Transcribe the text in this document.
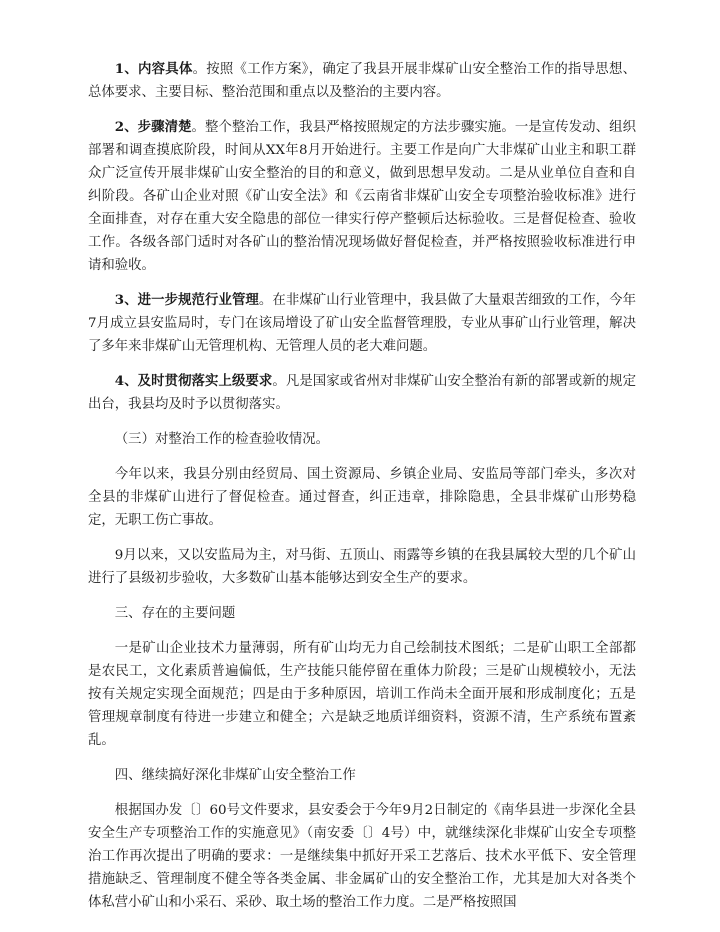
1、内容具体。按照《工作方案》，确定了我县开展非煤矿山安全整治工作的指导思想、总体要求、主要目标、整治范围和重点以及整治的主要内容。

2、步骤清楚。整个整治工作，我县严格按照规定的方法步骤实施。一是宣传发动、组织部署和调查摸底阶段，时间从XX年8月开始进行。主要工作是向广大非煤矿山业主和职工群众广泛宣传开展非煤矿山安全整治的目的和意义，做到思想早发动。二是从业单位自查和自纠阶段。各矿山企业对照《矿山安全法》和《云南省非煤矿山安全专项整治验收标准》进行全面排查，对存在重大安全隐患的部位一律实行停产整顿后达标验收。三是督促检查、验收工作。各级各部门适时对各矿山的整治情况现场做好督促检查，并严格按照验收标准进行申请和验收。

3、进一步规范行业管理。在非煤矿山行业管理中，我县做了大量艰苦细致的工作，今年7月成立县安监局时，专门在该局增设了矿山安全监督管理股，专业从事矿山行业管理，解决了多年来非煤矿山无管理机构、无管理人员的老大难问题。

4、及时贯彻落实上级要求。凡是国家或省州对非煤矿山安全整治有新的部署或新的规定出台，我县均及时予以贯彻落实。

（三）对整治工作的检查验收情况。

今年以来，我县分别由经贸局、国土资源局、乡镇企业局、安监局等部门牵头，多次对全县的非煤矿山进行了督促检查。通过督查，纠正违章，排除隐患，全县非煤矿山形势稳定，无职工伤亡事故。

9月以来，又以安监局为主，对马街、五顶山、雨露等乡镇的在我县属较大型的几个矿山进行了县级初步验收，大多数矿山基本能够达到安全生产的要求。

三、存在的主要问题

一是矿山企业技术力量薄弱，所有矿山均无力自己绘制技术图纸；二是矿山职工全部都是农民工，文化素质普遍偏低，生产技能只能停留在重体力阶段；三是矿山规模较小，无法按有关规定实现全面规范；四是由于多种原因，培训工作尚未全面开展和形成制度化；五是管理规章制度有待进一步建立和健全；六是缺乏地质详细资料，资源不清，生产系统布置紊乱。

四、继续搞好深化非煤矿山安全整治工作

根据国办发〔〕60号文件要求，县安委会于今年9月2日制定的《南华县进一步深化全县安全生产专项整治工作的实施意见》（南安委〔〕4号）中，就继续深化非煤矿山安全专项整治工作再次提出了明确的要求：一是继续集中抓好开采工艺落后、技术水平低下、安全管理措施缺乏、管理制度不健全等各类金属、非金属矿山的安全整治工作，尤其是加大对各类个体私营小矿山和小采石、采砂、取土场的整治工作力度。二是严格按照国
